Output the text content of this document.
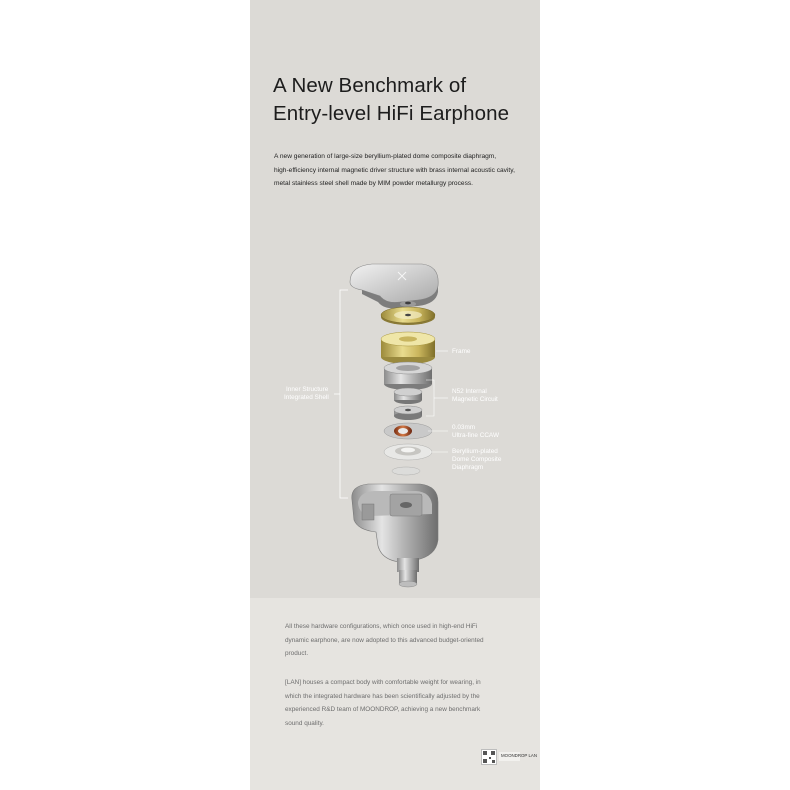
A New Benchmark of
Entry-level HiFi Earphone
A new generation of large-size beryllium-plated dome composite diaphragm,
high-efficiency internal magnetic driver structure with brass internal acoustic cavity,
metal stainless steel shell made by MIM powder metallurgy process.
Frame
N52 Internal
Magnetic Circuit
0.03mm
Ultra-fine CCAW
Beryllium-plated
Dome Composite
Diaphragm
Inner Structure
Integrated Shell
All these hardware configurations, which once used in high-end HiFi
dynamic earphone, are now adopted to this advanced budget-oriented
product.
[LAN] houses a compact body with comfortable weight for wearing, in
which the integrated hardware has been scientifically adjusted by the
experienced R&D team of MOONDROP, achieving a new benchmark
sound quality.
MOONDROP LAN
